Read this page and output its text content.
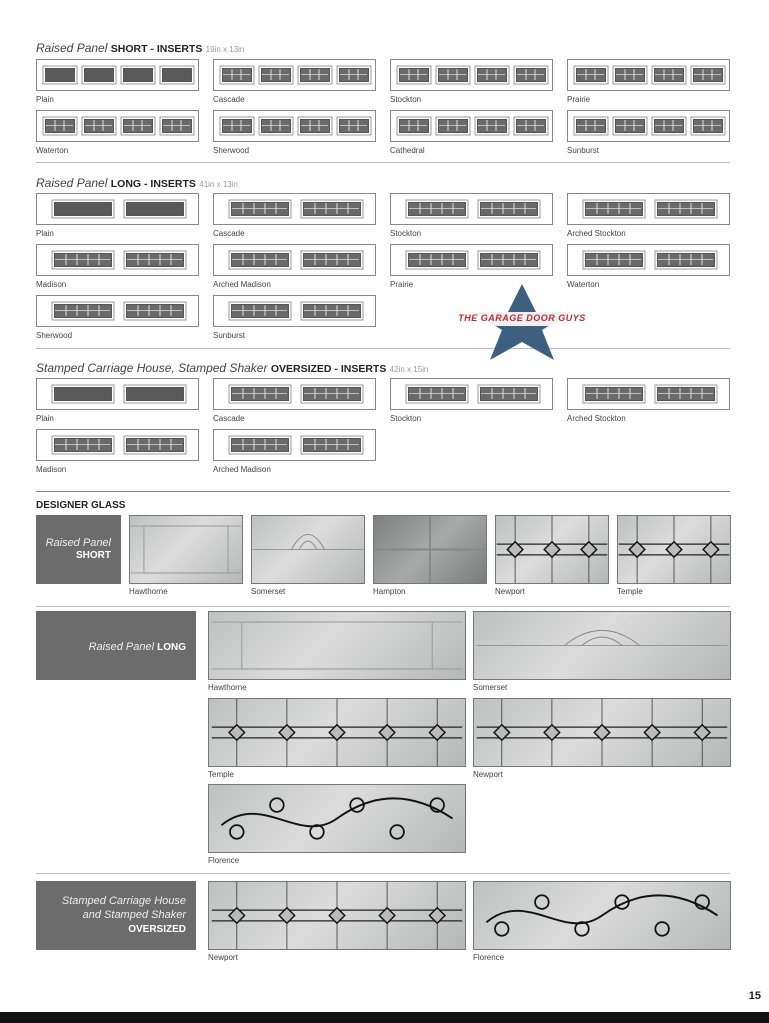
Raised Panel SHORT - INSERTS 19in x 13in
Raised Panel LONG - INSERTS 41in x 13in
Stamped Carriage House, Stamped Shaker OVERSIZED - INSERTS 42in x 15in
Plain	Cascade	Stockton	Prairie
Waterton	Sherwood	Cathedral	Sunburst
Plain	Cascade	Stockton	Arched Stockton
Madison	Arched Madison	Prairie	Waterton
Sherwood	Sunburst
Plain	Cascade	Stockton	Arched Stockton
Madison	Arched Madison
THE GARAGE DOOR GUYS
DESIGNER GLASS
Raised Panel
SHORT
Hawthorne	Somerset	Hampton	Newport	Temple
Hawthorne	Somerset
Temple	Newport
Florence
Newport	Florence
Raised Panel LONG
Stamped Carriage House
and Stamped Shaker
OVERSIZED
15
